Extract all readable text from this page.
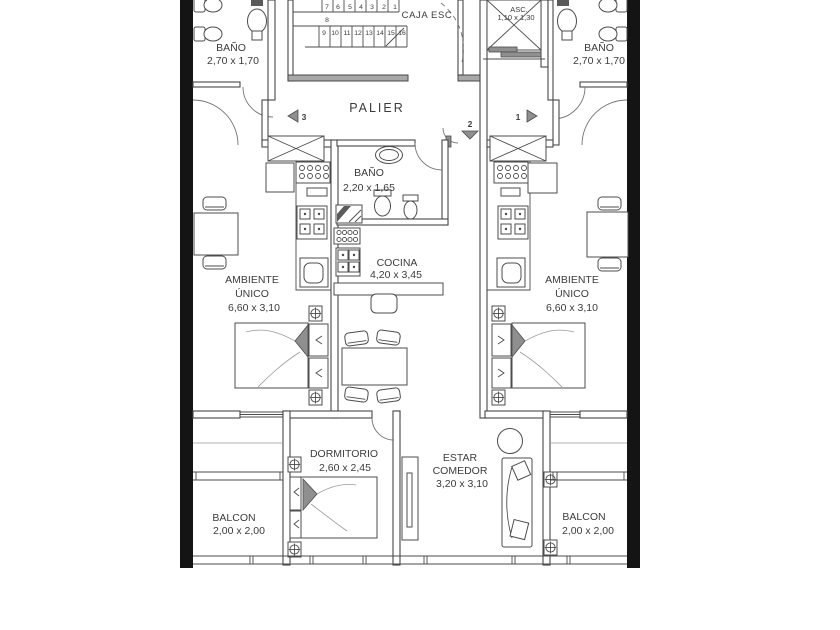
BAÑO
2,70 x 1,70
7 6 5 4 3 2 1
8
9 10 11 12 13 14 15 16
CAJA ESC
ASC.
1,10 x 1,30
BAÑO
2,70 x 1,70
PALIER
3	1
2
BAÑO
2,20 x 1,65
COCINA
4,20 x 3,45
AMBIENTE
ÚNICO
6,60 x 3,10
AMBIENTE
ÚNICO
6,60 x 3,10
DORMITORIO
2,60 x 2,45
ESTAR
COMEDOR
3,20 x 3,10
BALCON
2,00 x 2,00
BALCON
2,00 x 2,00
